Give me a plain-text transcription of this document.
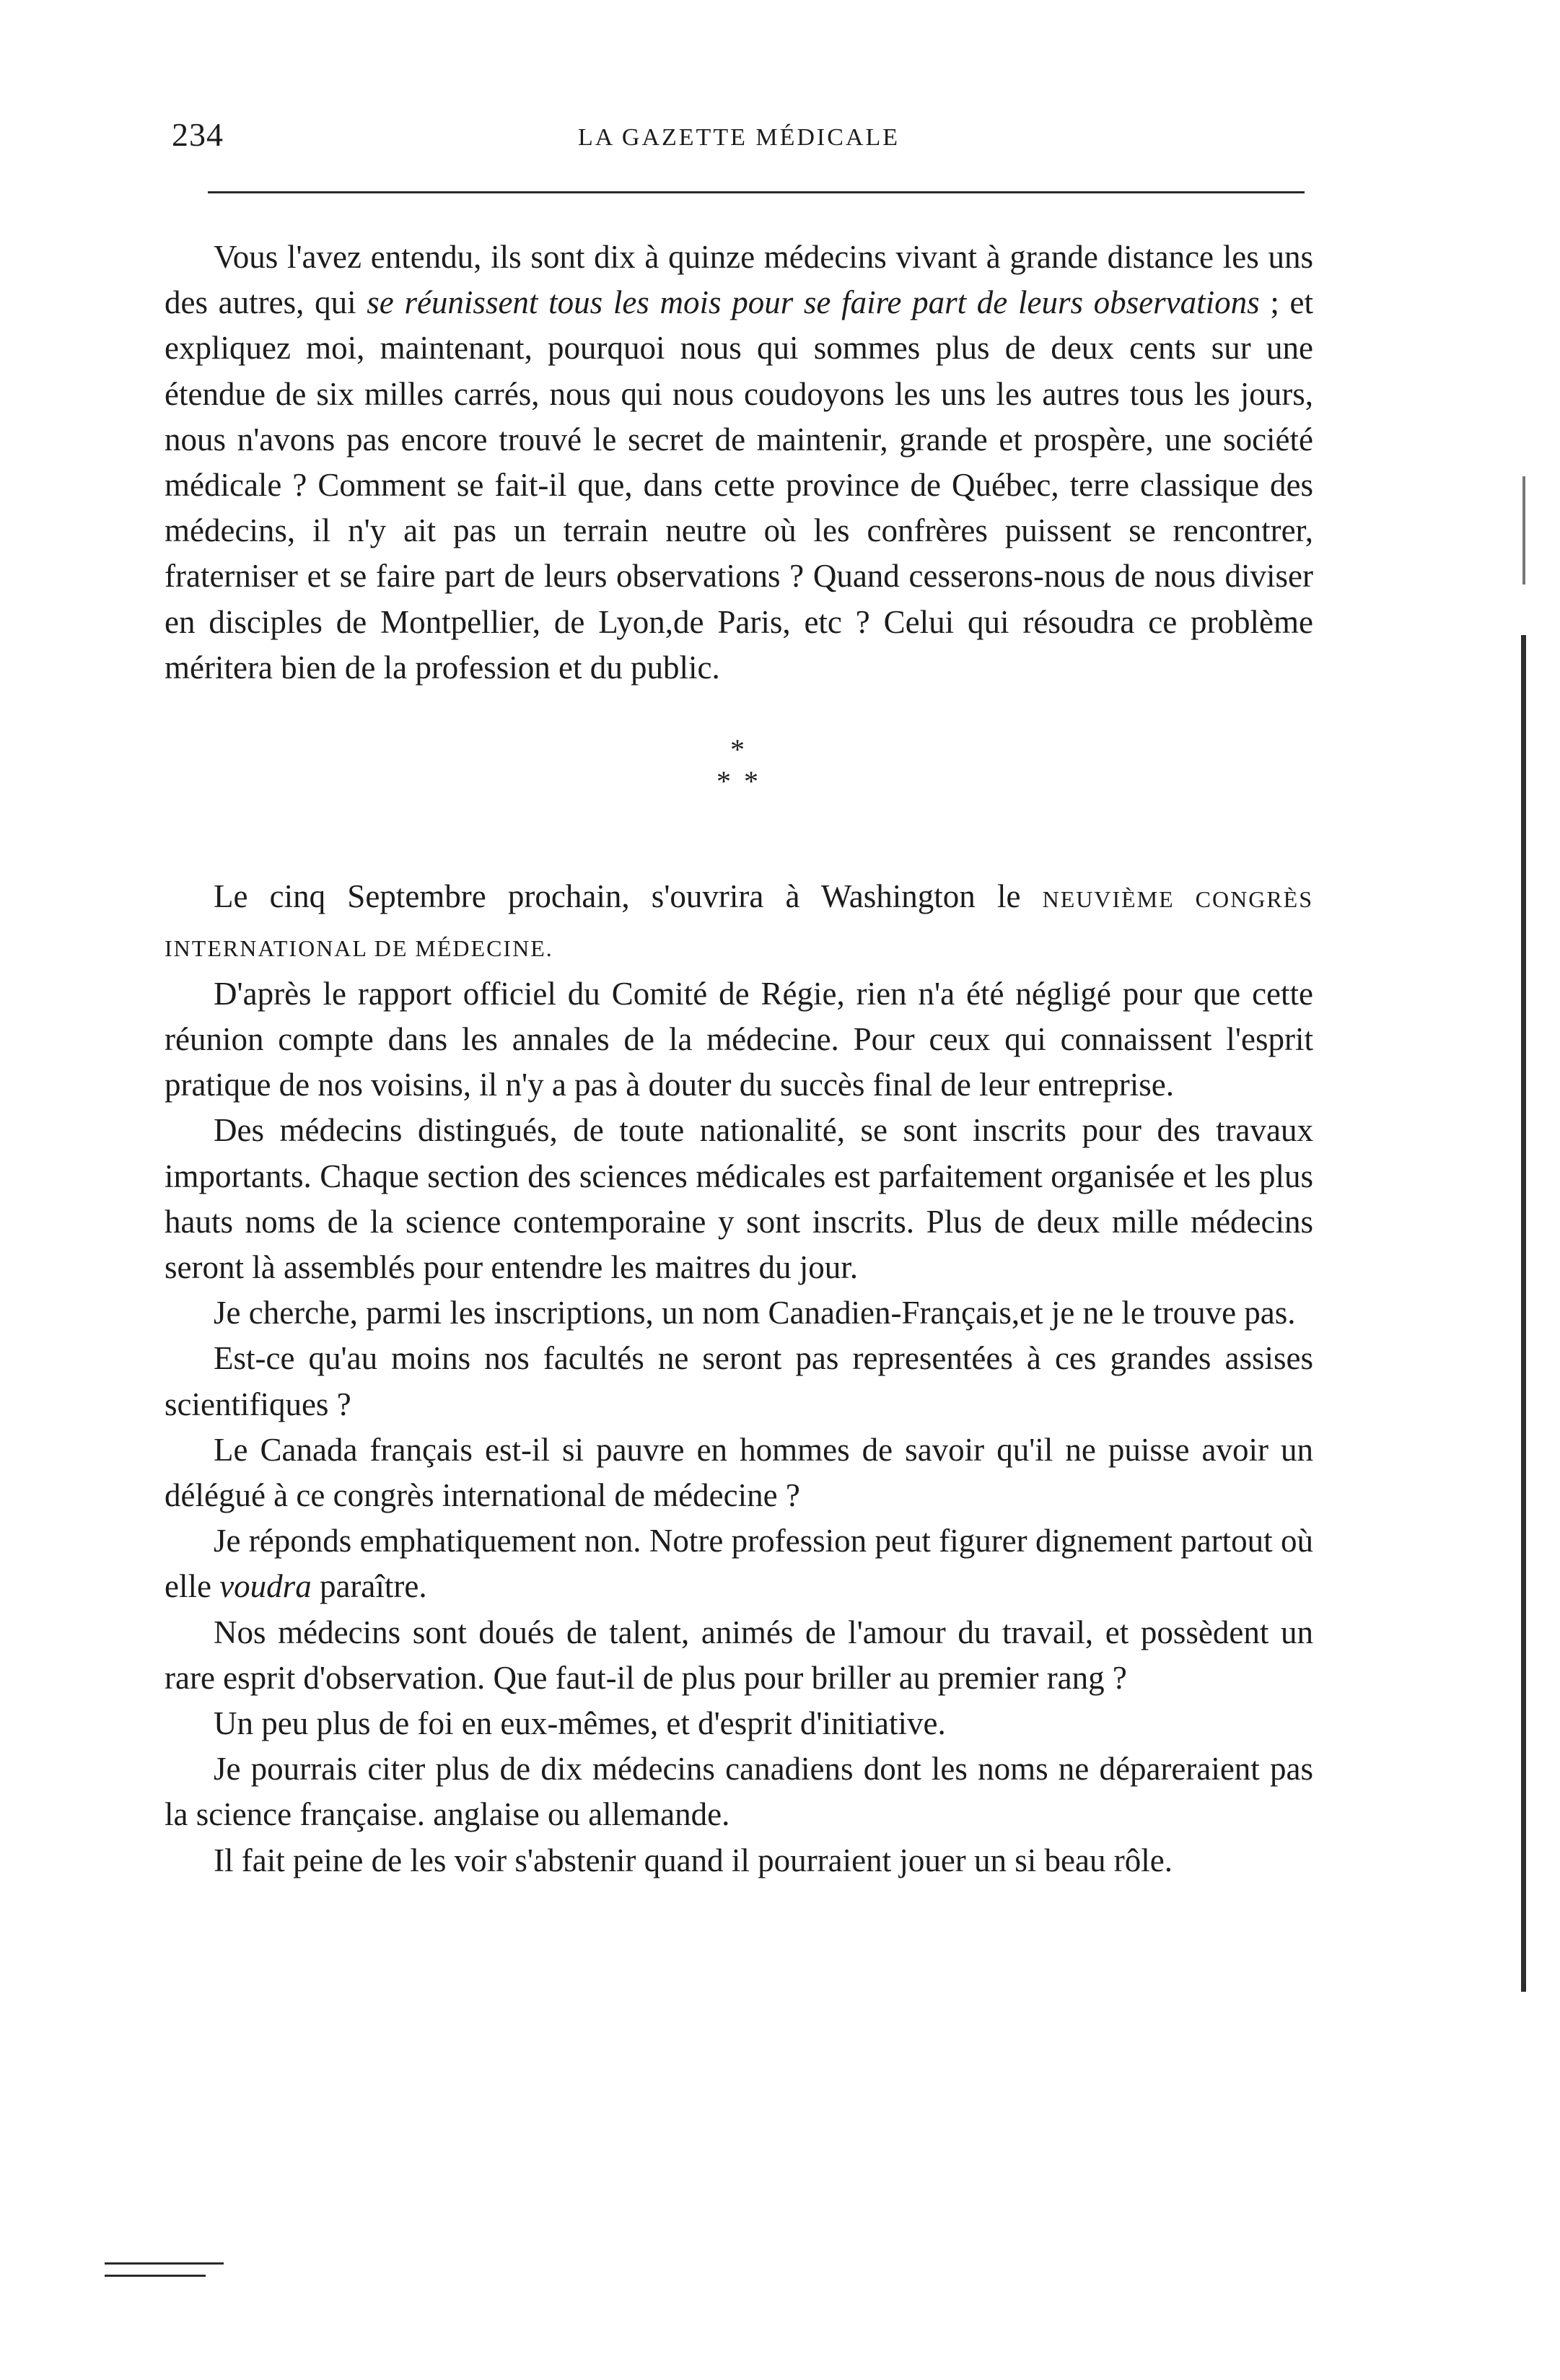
234	LA GAZETTE MÉDICALE

Vous l'avez entendu, ils sont dix à quinze médecins vivant à grande distance les uns des autres, qui se réunissent tous les mois pour se faire part de leurs observations ; et expliquez moi, maintenant, pourquoi nous qui sommes plus de deux cents sur une étendue de six milles carrés, nous qui nous coudoyons les uns les autres tous les jours, nous n'avons pas encore trouvé le secret de maintenir, grande et prospère, une société médicale ? Comment se fait-il que, dans cette province de Québec, terre classique des médecins, il n'y ait pas un terrain neutre où les confrères puissent se rencontrer, fraterniser et se faire part de leurs observations ? Quand cesserons-nous de nous diviser en disciples de Montpellier, de Lyon,de Paris, etc ? Celui qui résoudra ce problème méritera bien de la profession et du public.

*
* *

Le cinq Septembre prochain, s'ouvrira à Washington le NEUVIÈME CONGRÈS INTERNATIONAL DE MÉDECINE.

D'après le rapport officiel du Comité de Régie, rien n'a été négligé pour que cette réunion compte dans les annales de la médecine. Pour ceux qui connaissent l'esprit pratique de nos voisins, il n'y a pas à douter du succès final de leur entreprise.

Des médecins distingués, de toute nationalité, se sont inscrits pour des travaux importants. Chaque section des sciences médicales est parfaitement organisée et les plus hauts noms de la science contemporaine y sont inscrits. Plus de deux mille médecins seront là assemblés pour entendre les maitres du jour.

Je cherche, parmi les inscriptions, un nom Canadien-Français,et je ne le trouve pas.

Est-ce qu'au moins nos facultés ne seront pas representées à ces grandes assises scientifiques ?

Le Canada français est-il si pauvre en hommes de savoir qu'il ne puisse avoir un délégué à ce congrès international de médecine ?

Je réponds emphatiquement non. Notre profession peut figurer dignement partout où elle voudra paraître.

Nos médecins sont doués de talent, animés de l'amour du travail, et possèdent un rare esprit d'observation. Que faut-il de plus pour briller au premier rang ?

Un peu plus de foi en eux-mêmes, et d'esprit d'initiative.

Je pourrais citer plus de dix médecins canadiens dont les noms ne dépareraient pas la science française. anglaise ou allemande.

Il fait peine de les voir s'abstenir quand il pourraient jouer un si beau rôle.
